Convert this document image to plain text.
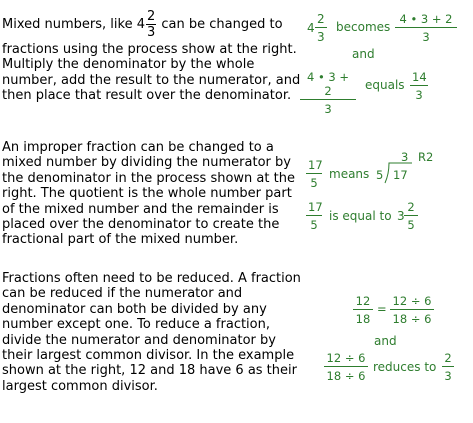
Mixed numbers, like $4 \frac{2}{3}$ can be changed to
fractions using the process show at the right. Multiply the denominator by the whole number, add the result to the numerator, and then place that result over the denominator.
$4 \frac{2}{3}$ becomes $\frac{4 • 3 + 2}{3}$
and
$\frac{4 • 3 + 2}{3}$ equals $\frac{14}{3}$
An improper fraction can be changed to a mixed number by dividing the numerator by the denominator in the process shown at the right. The quotient is the whole number part of the mixed number and the remainder is placed over the denominator to create the fractional part of the mixed number.
$\frac{17}{5}$ means
3 R2
5 17
$\frac{17}{5}$ is equal to $3 \frac{2}{5}$
Fractions often need to be reduced. A fraction can be reduced if the numerator and denominator can both be divided by any number except one. To reduce a fraction, divide the numerator and denominator by their largest common divisor. In the example shown at the right, 12 and 18 have 6 as their largest common divisor.
$\frac{12}{18} = \frac{12 \div 6}{18 \div 6}$
and
$\frac{12 \div 6}{18 \div 6}$ reduces to $\frac{2}{3}$
